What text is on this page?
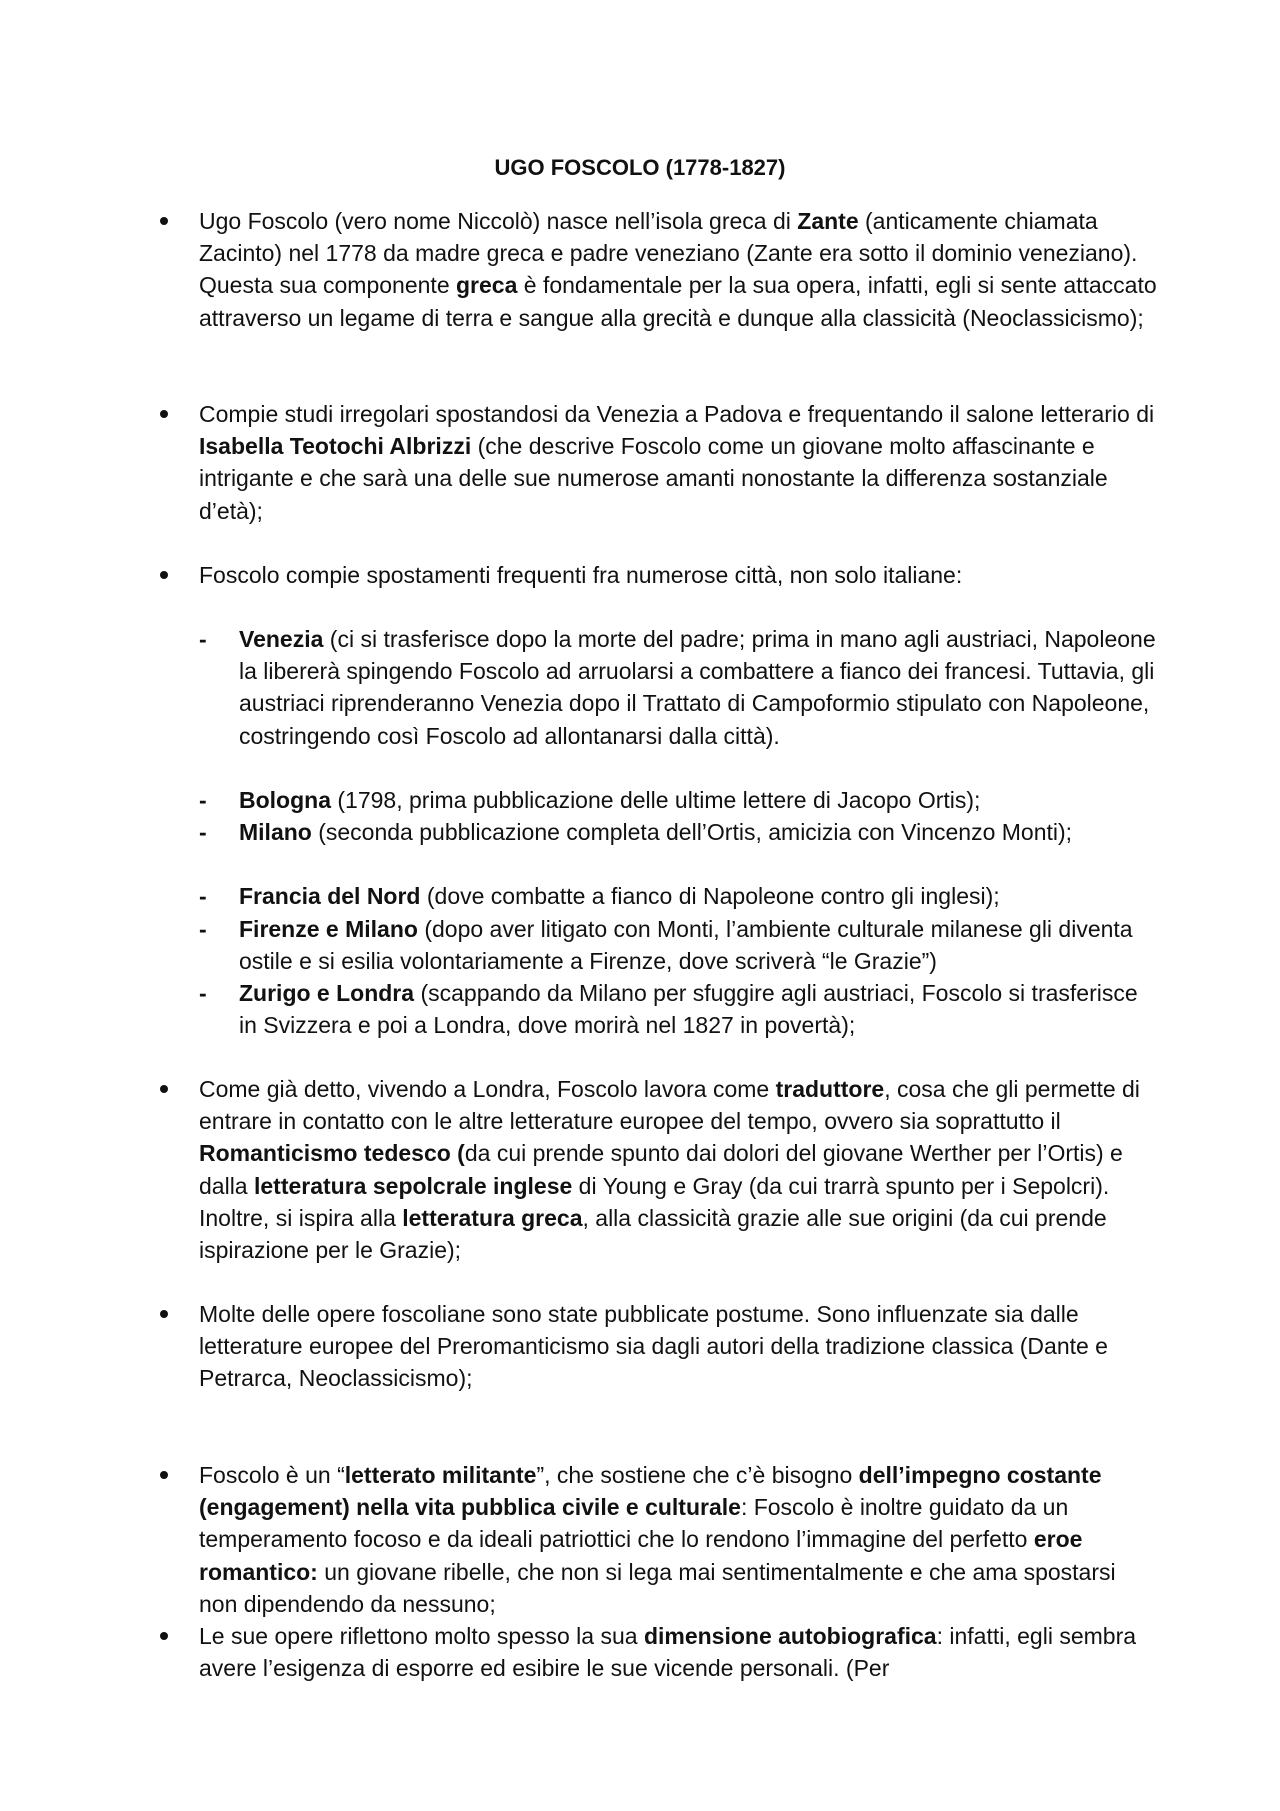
UGO FOSCOLO (1778-1827)
Ugo Foscolo (vero nome Niccolò) nasce nell’isola greca di Zante (anticamente chiamata Zacinto) nel 1778 da madre greca e padre veneziano (Zante era sotto il dominio veneziano). Questa sua componente greca è fondamentale per la sua opera, infatti, egli si sente attaccato attraverso un legame di terra e sangue alla grecità e dunque alla classicità (Neoclassicismo);
Compie studi irregolari spostandosi da Venezia a Padova e frequentando il salone letterario di Isabella Teotochi Albrizzi (che descrive Foscolo come un giovane molto affascinante e intrigante e che sarà una delle sue numerose amanti nonostante la differenza sostanziale d’età);
Foscolo compie spostamenti frequenti fra numerose città, non solo italiane:
- Venezia (ci si trasferisce dopo la morte del padre; prima in mano agli austriaci, Napoleone la libererà spingendo Foscolo ad arruolarsi a combattere a fianco dei francesi. Tuttavia, gli austriaci riprenderanno Venezia dopo il Trattato di Campoformio stipulato con Napoleone, costringendo così Foscolo ad allontanarsi dalla città).
- Bologna (1798, prima pubblicazione delle ultime lettere di Jacopo Ortis);
- Milano (seconda pubblicazione completa dell’Ortis, amicizia con Vincenzo Monti);
- Francia del Nord (dove combatte a fianco di Napoleone contro gli inglesi);
- Firenze e Milano (dopo aver litigato con Monti, l’ambiente culturale milanese gli diventa ostile e si esilia volontariamente a Firenze, dove scriverà “le Grazie”)
- Zurigo e Londra (scappando da Milano per sfuggire agli austriaci, Foscolo si trasferisce in Svizzera e poi a Londra, dove morirà nel 1827 in povertà);
Come già detto, vivendo a Londra, Foscolo lavora come traduttore, cosa che gli permette di entrare in contatto con le altre letterature europee del tempo, ovvero sia soprattutto il Romanticismo tedesco (da cui prende spunto dai dolori del giovane Werther per l’Ortis) e dalla letteratura sepolcrale inglese di Young e Gray (da cui trarrà spunto per i Sepolcri). Inoltre, si ispira alla letteratura greca, alla classicità grazie alle sue origini (da cui prende ispirazione per le Grazie);
Molte delle opere foscoliane sono state pubblicate postume. Sono influenzate sia dalle letterature europee del Preromanticismo sia dagli autori della tradizione classica (Dante e Petrarca, Neoclassicismo);
Foscolo è un “letterato militante”, che sostiene che c’è bisogno dell’impegno costante (engagement) nella vita pubblica civile e culturale: Foscolo è inoltre guidato da un temperamento focoso e da ideali patriottici che lo rendono l’immagine del perfetto eroe romantico: un giovane ribelle, che non si lega mai sentimentalmente e che ama spostarsi non dipendendo da nessuno;
Le sue opere riflettono molto spesso la sua dimensione autobiografica: infatti, egli sembra avere l’esigenza di esporre ed esibire le sue vicende personali. (Per
